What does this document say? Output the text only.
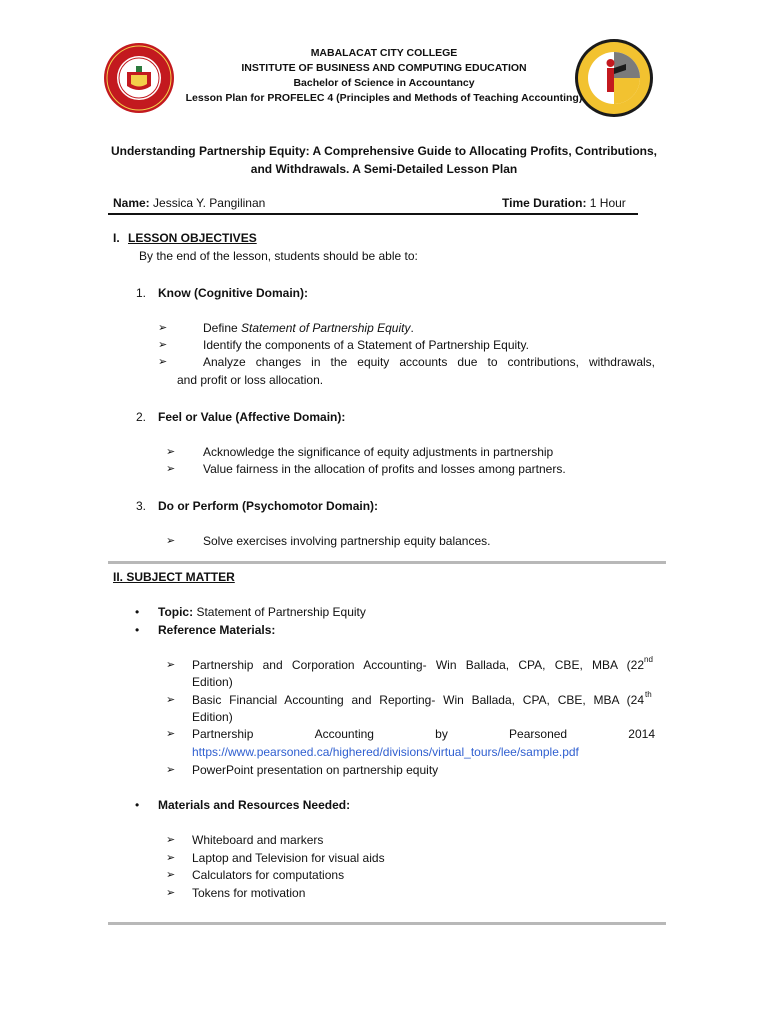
MABALACAT CITY COLLEGE
INSTITUTE OF BUSINESS AND COMPUTING EDUCATION
Bachelor of Science in Accountancy
Lesson Plan for PROFELEC 4 (Principles and Methods of Teaching Accounting)
Understanding Partnership Equity: A Comprehensive Guide to Allocating Profits, Contributions,
and Withdrawals. A Semi-Detailed Lesson Plan
Name: Jessica Y. Pangilinan	Time Duration: 1 Hour
I. LESSON OBJECTIVES
By the end of the lesson, students should be able to:
1. Know (Cognitive Domain):
➢	Define Statement of Partnership Equity.
➢	Identify the components of a Statement of Partnership Equity.
➢	Analyze changes in the equity accounts due to contributions, withdrawals,
and profit or loss allocation.
2. Feel or Value (Affective Domain):
➢ Acknowledge the significance of equity adjustments in partnership
➢ Value fairness in the allocation of profits and losses among partners.
3. Do or Perform (Psychomotor Domain):
➢ Solve exercises involving partnership equity balances.
II. SUBJECT MATTER
• Topic: Statement of Partnership Equity
• Reference Materials:
➢ Partnership and Corporation Accounting- Win Ballada, CPA, CBE, MBA (22 nd
Edition)
➢ Basic Financial Accounting and Reporting- Win Ballada, CPA, CBE, MBA (24 th
Edition)
➢ Partnership	Accounting	by	Pearsoned	2014
https://www.pearsoned.ca/highered/divisions/virtual_tours/lee/sample.pdf
➢ PowerPoint presentation on partnership equity
• Materials and Resources Needed:
➢ Whiteboard and markers
➢ Laptop and Television for visual aids
➢ Calculators for computations
➢ Tokens for motivation
